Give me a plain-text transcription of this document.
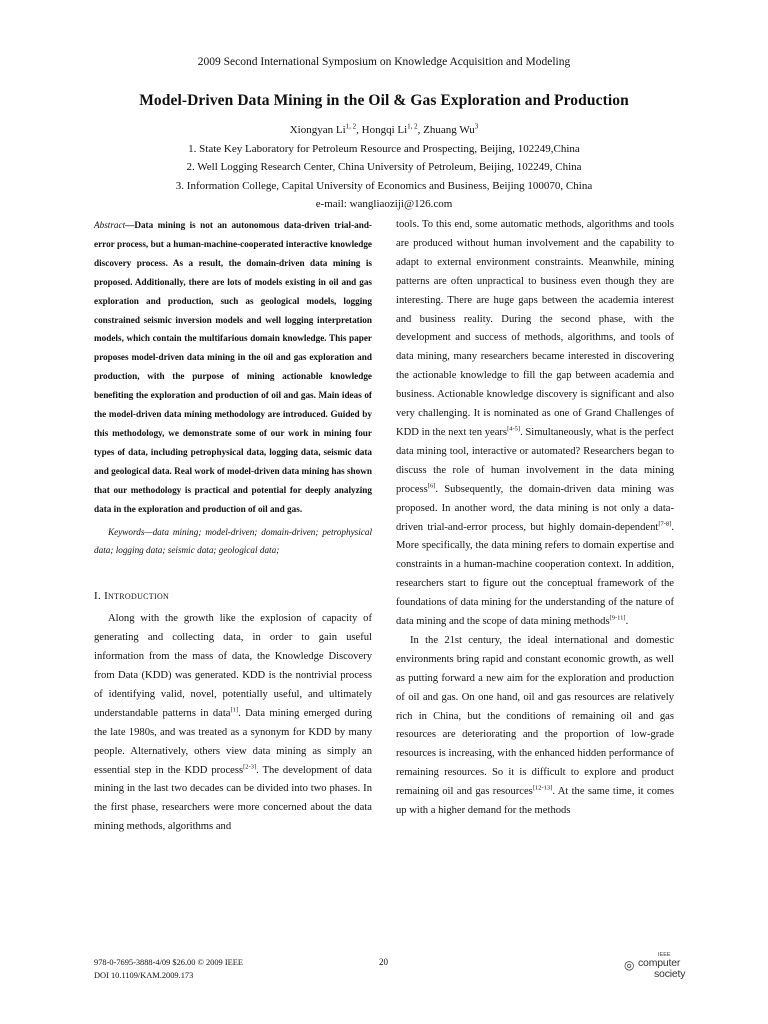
2009 Second International Symposium on Knowledge Acquisition and Modeling
Model-Driven Data Mining in the Oil & Gas Exploration and Production
Xiongyan Li$^{1, 2}$, Hongqi Li$^{1, 2}$, Zhuang Wu$^3$
1. State Key Laboratory for Petroleum Resource and Prospecting, Beijing, 102249,China
2. Well Logging Research Center, China University of Petroleum, Beijing, 102249, China
3. Information College, Capital University of Economics and Business, Beijing 100070, China
e-mail: wangliaoziji@126.com

Abstract—Data mining is not an autonomous data-driven trial-and-error process, but a human-machine-cooperated interactive knowledge discovery process. As a result, the domain-driven data mining is proposed. Additionally, there are lots of models existing in oil and gas exploration and production, such as geological models, logging constrained seismic inversion models and well logging interpretation models, which contain the multifarious domain knowledge. This paper proposes model-driven data mining in the oil and gas exploration and production, with the purpose of mining actionable knowledge benefiting the exploration and production of oil and gas. Main ideas of the model-driven data mining methodology are introduced. Guided by this methodology, we demonstrate some of our work in mining four types of data, including petrophysical data, logging data, seismic data and geological data. Real work of model-driven data mining has shown that our methodology is practical and potential for deeply analyzing data in the exploration and production of oil and gas.

Keywords—data mining; model-driven; domain-driven; petrophysical data; logging data; seismic data; geological data;

I. Introduction

Along with the growth like the explosion of capacity of generating and collecting data, in order to gain useful information from the mass of data, the Knowledge Discovery from Data (KDD) was generated. KDD is the nontrivial process of identifying valid, novel, potentially useful, and ultimately understandable patterns in data[1]. Data mining emerged during the late 1980s, and was treated as a synonym for KDD by many people. Alternatively, others view data mining as simply an essential step in the KDD process[2-3]. The development of data mining in the last two decades can be divided into two phases. In the first phase, researchers were more concerned about the data mining methods, algorithms and

tools. To this end, some automatic methods, algorithms and tools are produced without human involvement and the capability to adapt to external environment constraints. Meanwhile, mining patterns are often unpractical to business even though they are interesting. There are huge gaps between the academia interest and business reality. During the second phase, with the development and success of methods, algorithms, and tools of data mining, many researchers became interested in discovering the actionable knowledge to fill the gap between academia and business. Actionable knowledge discovery is significant and also very challenging. It is nominated as one of Grand Challenges of KDD in the next ten years[4-5]. Simultaneously, what is the perfect data mining tool, interactive or automated? Researchers began to discuss the role of human involvement in the data mining process[6]. Subsequently, the domain-driven data mining was proposed. In another word, the data mining is not only a data-driven trial-and-error process, but highly domain-dependent[7-8]. More specifically, the data mining refers to domain expertise and constraints in a human-machine cooperation context. In addition, researchers start to figure out the conceptual framework of the foundations of data mining for the understanding of the nature of data mining and the scope of data mining methods[9-11].

In the 21st century, the ideal international and domestic environments bring rapid and constant economic growth, as well as putting forward a new aim for the exploration and production of oil and gas. On one hand, oil and gas resources are relatively rich in China, but the conditions of remaining oil and gas resources are deteriorating and the proportion of low-grade resources is increasing, with the enhanced hidden performance of remaining resources. So it is difficult to explore and product remaining oil and gas resources[12-13]. At the same time, it comes up with a higher demand for the methods

978-0-7695-3888-4/09 $26.00 © 2009 IEEE
DOI 10.1109/KAM.2009.173
20	◎
IEEE
computer
society
